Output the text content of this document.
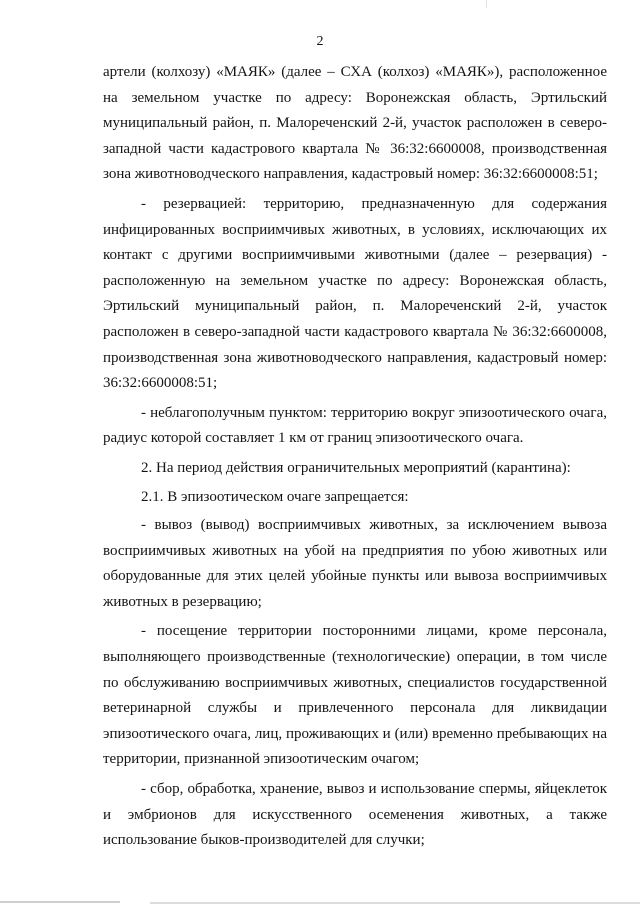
2

артели (колхозу) «МАЯК» (далее – СХА (колхоз) «МАЯК»), расположенное на земельном участке по адресу: Воронежская область, Эртильский муниципальный район, п. Малореченский 2-й, участок расположен в северо-западной части кадастрового квартала № 36:32:6600008, производственная зона животноводческого направления, кадастровый номер: 36:32:6600008:51;

- резервацией: территорию, предназначенную для содержания инфицированных восприимчивых животных, в условиях, исключающих их контакт с другими восприимчивыми животными (далее – резервация) - расположенную на земельном участке по адресу: Воронежская область, Эртильский муниципальный район, п. Малореченский 2-й, участок расположен в северо-западной части кадастрового квартала № 36:32:6600008, производственная зона животноводческого направления, кадастровый номер: 36:32:6600008:51;

- неблагополучным пунктом: территорию вокруг эпизоотического очага, радиус которой составляет 1 км от границ эпизоотического очага.

2. На период действия ограничительных мероприятий (карантина):

2.1. В эпизоотическом очаге запрещается:

- вывоз (вывод) восприимчивых животных, за исключением вывоза восприимчивых животных на убой на предприятия по убою животных или оборудованные для этих целей убойные пункты или вывоза восприимчивых животных в резервацию;

- посещение территории посторонними лицами, кроме персонала, выполняющего производственные (технологические) операции, в том числе по обслуживанию восприимчивых животных, специалистов государственной ветеринарной службы и привлеченного персонала для ликвидации эпизоотического очага, лиц, проживающих и (или) временно пребывающих на территории, признанной эпизоотическим очагом;

- сбор, обработка, хранение, вывоз и использование спермы, яйцеклеток и эмбрионов для искусственного осеменения животных, а также использование быков-производителей для случки;
